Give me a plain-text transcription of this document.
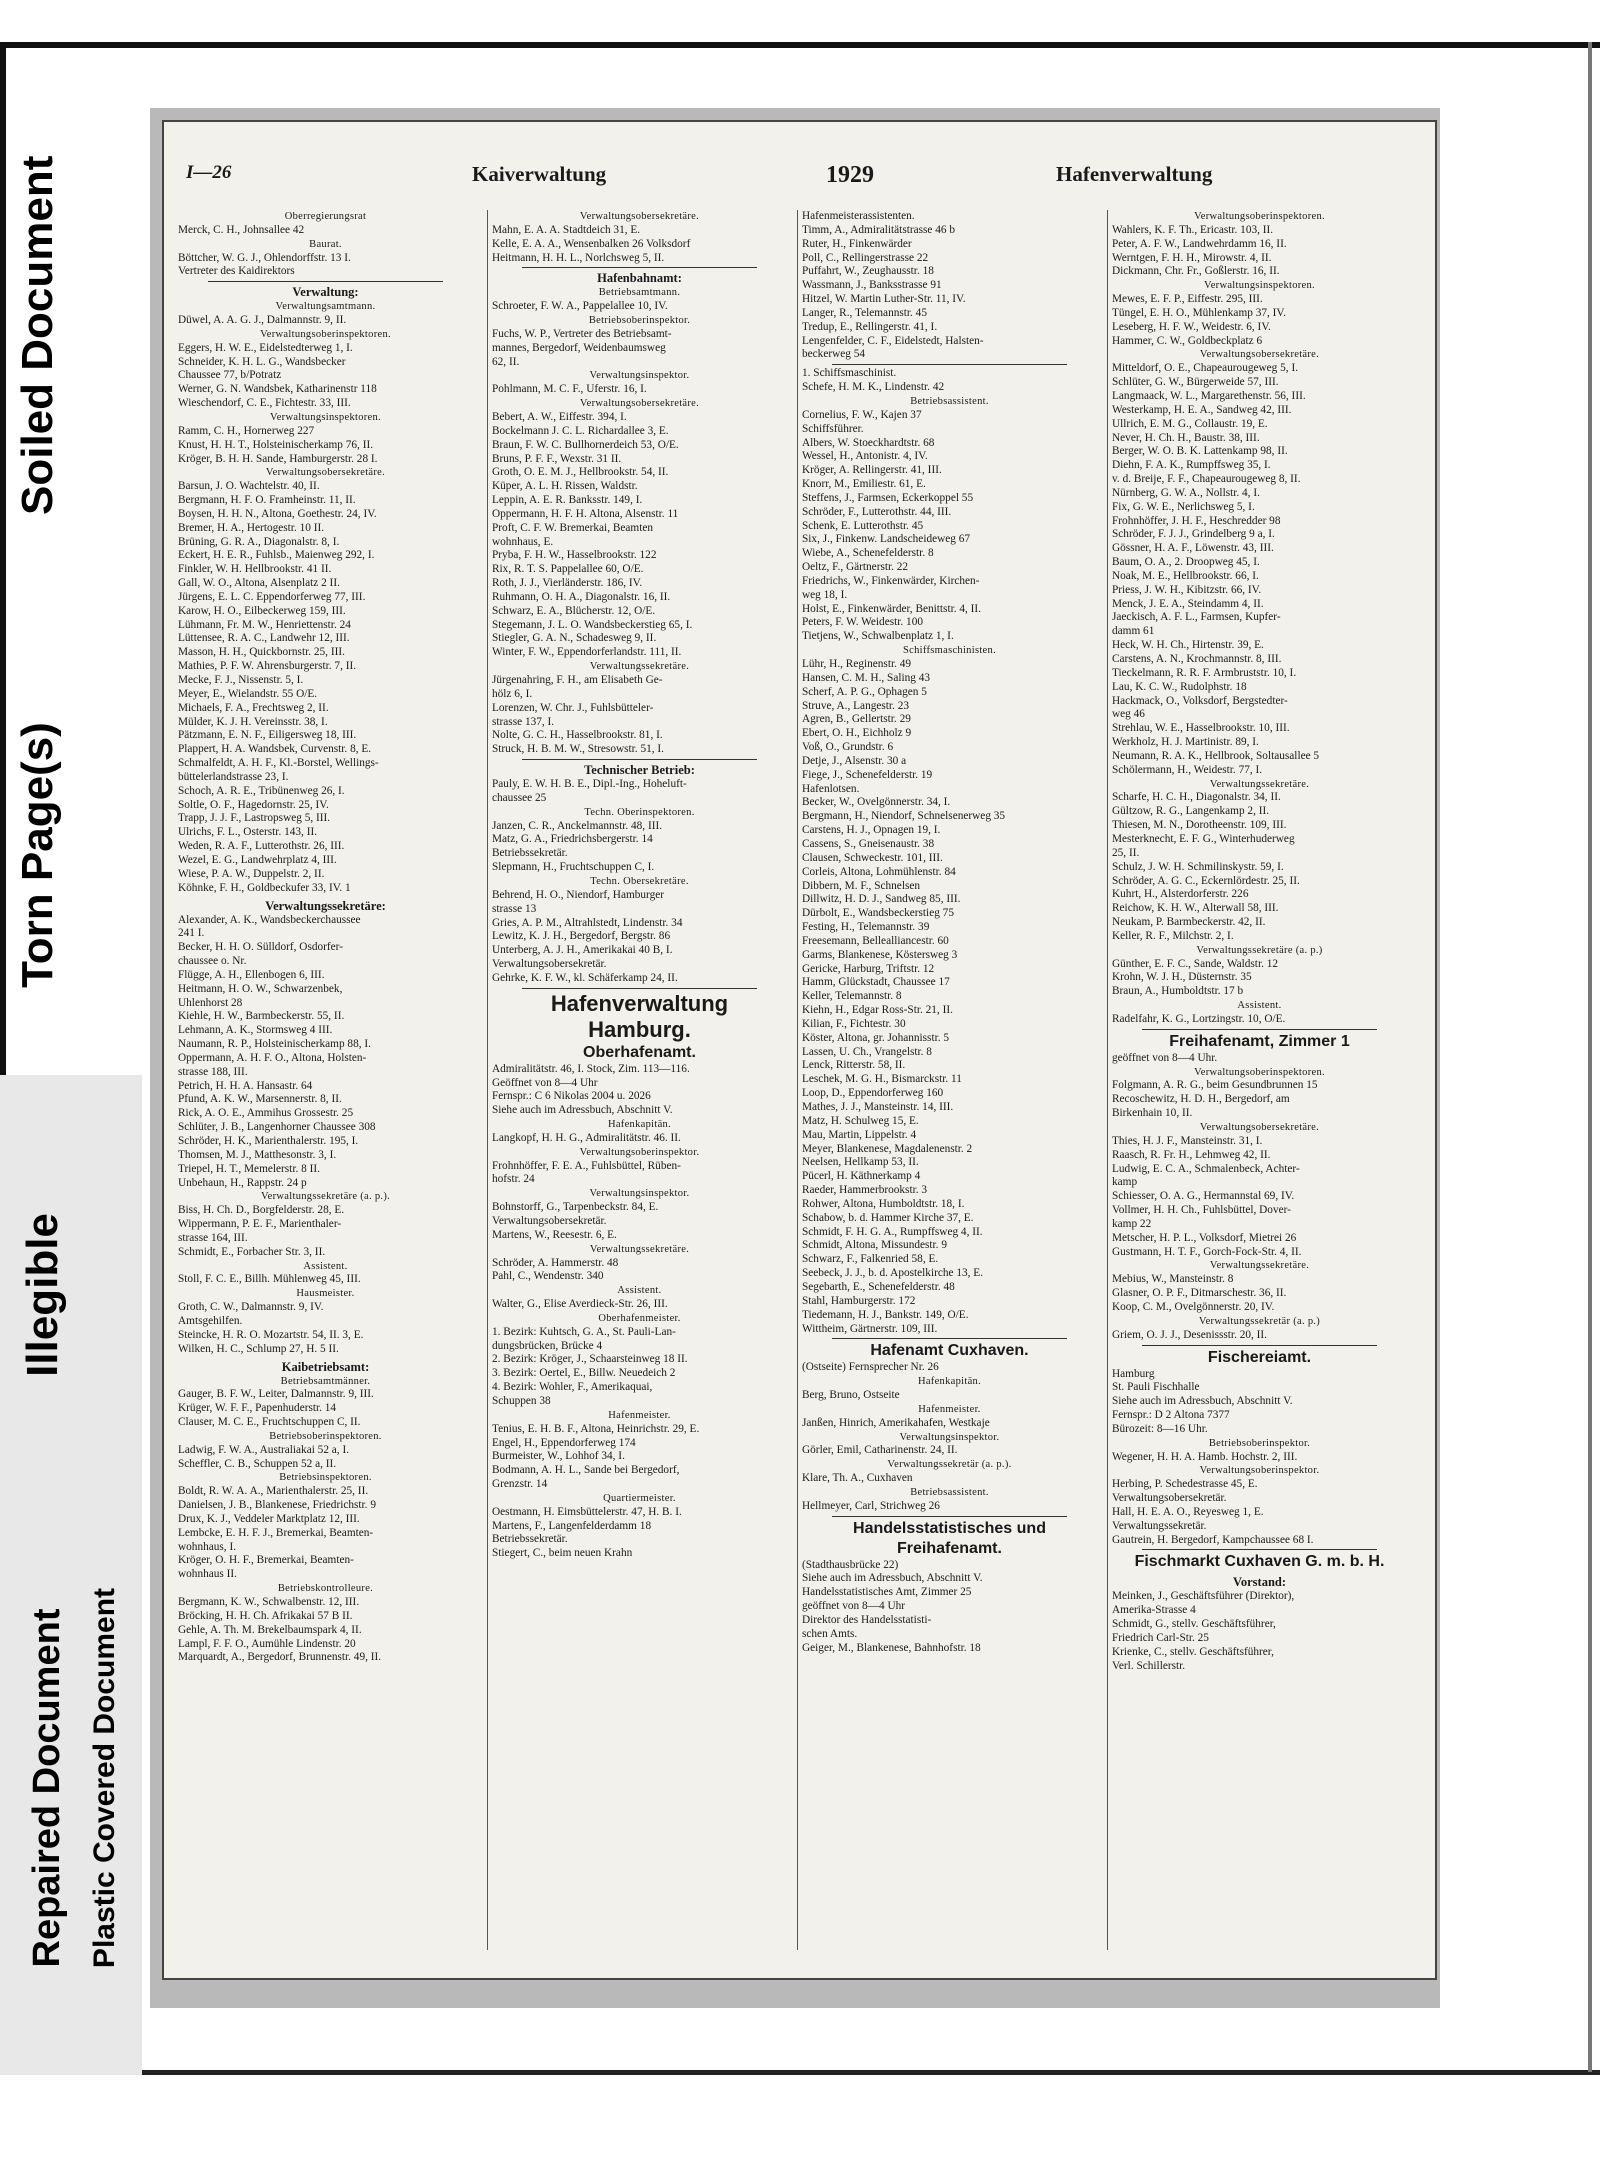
Soiled Document
Torn Page(s)
Illegible
Repaired Document Plastic Covered Document
I—26	Kaiverwaltung	1929	Hafenverwaltung
Oberregierungsrat
Merck, C. H., Johnsallee 42
Baurat.
Böttcher, W. G. J., Ohlendorffstr. 13 I.
Vertreter des Kaidirektors
Verwaltung:
Verwaltungsamtmann.
Düwel, A. A. G. J., Dalmannstr. 9, II.
Verwaltungsoberinspektoren.
Eggers, H. W. E., Eidelstedterweg 1, I.
Schneider, K. H. L. G., Wandsbecker
Chaussee 77, b/Potratz
Werner, G. N. Wandsbek, Katharinenstr 118
Wieschendorf, C. E., Fichtestr. 33, III.
Verwaltungsinspektoren.
Ramm, C. H., Hornerweg 227
Knust, H. H. T., Holsteinischerkamp 76, II.
Kröger, B. H. H. Sande, Hamburgerstr. 28 I.
Verwaltungsobersekretäre.
Barsun, J. O. Wachtelstr. 40, II.
Bergmann, H. F. O. Framheinstr. 11, II.
Boysen, H. H. N., Altona, Goethestr. 24, IV.
Bremer, H. A., Hertogestr. 10 II.
Brüning, G. R. A., Diagonalstr. 8, I.
Eckert, H. E. R., Fuhlsb., Maienweg 292, I.
Finkler, W. H. Hellbrookstr. 41 II.
Gall, W. O., Altona, Alsenplatz 2 II.
Jürgens, E. L. C. Eppendorferweg 77, III.
Karow, H. O., Eilbeckerweg 159, III.
Lühmann, Fr. M. W., Henriettenstr. 24
Lüttensee, R. A. C., Landwehr 12, III.
Masson, H. H., Quickbornstr. 25, III.
Mathies, P. F. W. Ahrensburgerstr. 7, II.
Mecke, F. J., Nissenstr. 5, I.
Meyer, E., Wielandstr. 55 O/E.
Michaels, F. A., Frechtsweg 2, II.
Mülder, K. J. H. Vereinsstr. 38, I.
Pätzmann, E. N. F., Eiligersweg 18, III.
Plappert, H. A. Wandsbek, Curvenstr. 8, E.
Schmalfeldt, A. H. F., Kl.-Borstel, Wellings-
büttelerlandstrasse 23, I.
Schoch, A. R. E., Tribünenweg 26, I.
Soltle, O. F., Hagedornstr. 25, IV.
Trapp, J. J. F., Lastropsweg 5, III.
Ulrichs, F. L., Osterstr. 143, II.
Weden, R. A. F., Lutterothstr. 26, III.
Wezel, E. G., Landwehrplatz 4, III.
Wiese, P. A. W., Duppelstr. 2, II.
Köhnke, F. H., Goldbeckufer 33, IV. 1
Verwaltungssekretäre:
Alexander, A. K., Wandsbeckerchaussee
241 I.
Becker, H. H. O. Sülldorf, Osdorfer-
chaussee o. Nr.
Flügge, A. H., Ellenbogen 6, III.
Heitmann, H. O. W., Schwarzenbek,
Uhlenhorst 28
Kiehle, H. W., Barmbeckerstr. 55, II.
Lehmann, A. K., Stormsweg 4 III.
Naumann, R. P., Holsteinischerkamp 88, I.
Oppermann, A. H. F. O., Altona, Holsten-
strasse 188, III.
Petrich, H. H. A. Hansastr. 64
Pfund, A. K. W., Marsennerstr. 8, II.
Rick, A. O. E., Ammihus Grossestr. 25
Schlüter, J. B., Langenhorner Chaussee 308
Schröder, H. K., Marienthalerstr. 195, I.
Thomsen, M. J., Matthesonstr. 3, I.
Triepel, H. T., Memelerstr. 8 II.
Unbehaun, H., Rappstr. 24 p
Verwaltungssekretäre (a. p.).
Biss, H. Ch. D., Borgfelderstr. 28, E.
Wippermann, P. E. F., Marienthaler-
strasse 164, III.
Schmidt, E., Forbacher Str. 3, II.
Assistent.
Stoll, F. C. E., Billh. Mühlenweg 45, III.
Hausmeister.
Groth, C. W., Dalmannstr. 9, IV.
Amtsgehilfen.
Steincke, H. R. O. Mozartstr. 54, II. 3, E.
Wilken, H. C., Schlump 27, H. 5 II.
Kaibetriebsamt:
Betriebsamtmänner.
Gauger, B. F. W., Leiter, Dalmannstr. 9, III.
Krüger, W. F. F., Papenhuderstr. 14
Clauser, M. C. E., Fruchtschuppen C, II.
Betriebsoberinspektoren.
Ladwig, F. W. A., Australiakai 52 a, I.
Scheffler, C. B., Schuppen 52 a, II.
Betriebsinspektoren.
Boldt, R. W. A. A., Marienthalerstr. 25, II.
Danielsen, J. B., Blankenese, Friedrichstr. 9
Drux, K. J., Veddeler Marktplatz 12, III.
Lembcke, E. H. F. J., Bremerkai, Beamten-
wohnhaus, I.
Kröger, O. H. F., Bremerkai, Beamten-
wohnhaus II.
Betriebskontrolleure.
Bergmann, K. W., Schwalbenstr. 12, III.
Bröcking, H. H. Ch. Afrikakai 57 B II.
Gehle, A. Th. M. Brekelbaumspark 4, II.
Lampl, F. F. O., Aumühle Lindenstr. 20
Marquardt, A., Bergedorf, Brunnenstr. 49, II.
Verwaltungsobersekretäre.
Mahn, E. A. A. Stadtdeich 31, E.
Kelle, E. A. A., Wensenbalken 26 Volksdorf
Heitmann, H. H. L., Norlchsweg 5, II.
Hafenbahnamt:
Betriebsamtmann.
Schroeter, F. W. A., Pappelallee 10, IV.
Betriebsoberinspektor.
Fuchs, W. P., Vertreter des Betriebsamt-
mannes, Bergedorf, Weidenbaumsweg
62, II.
Verwaltungsinspektor.
Pohlmann, M. C. F., Uferstr. 16, I.
Verwaltungsobersekretäre.
Bebert, A. W., Eiffestr. 394, I.
Bockelmann J. C. L. Richardallee 3, E.
Braun, F. W. C. Bullhornerdeich 53, O/E.
Bruns, P. F. F., Wexstr. 31 II.
Groth, O. E. M. J., Hellbrookstr. 54, II.
Küper, A. L. H. Rissen, Waldstr.
Leppin, A. E. R. Banksstr. 149, I.
Oppermann, H. F. H. Altona, Alsenstr. 11
Proft, C. F. W. Bremerkai, Beamten
wohnhaus, E.
Pryba, F. H. W., Hasselbrookstr. 122
Rix, R. T. S. Pappelallee 60, O/E.
Roth, J. J., Vierländerstr. 186, IV.
Ruhmann, O. H. A., Diagonalstr. 16, II.
Schwarz, E. A., Blücherstr. 12, O/E.
Stegemann, J. L. O. Wandsbeckerstieg 65, I.
Stiegler, G. A. N., Schadesweg 9, II.
Winter, F. W., Eppendorferlandstr. 111, II.
Verwaltungssekretäre.
Jürgenahring, F. H., am Elisabeth Ge-
hölz 6, I.
Lorenzen, W. Chr. J., Fuhlsbütteler-
strasse 137, I.
Nolte, G. C. H., Hasselbrookstr. 81, I.
Struck, H. B. M. W., Stresowstr. 51, I.
Technischer Betrieb:
Pauly, E. W. H. B. E., Dipl.-Ing., Hoheluft-
chaussee 25
Techn. Oberinspektoren.
Janzen, C. R., Anckelmannstr. 48, III.
Matz, G. A., Friedrichsbergerstr. 14
Betriebssekretär.
Slepmann, H., Fruchtschuppen C, I.
Techn. Obersekretäre.
Behrend, H. O., Niendorf, Hamburger
strasse 13
Gries, A. P. M., Altrahlstedt, Lindenstr. 34
Lewitz, K. J. H., Bergedorf, Bergstr. 86
Unterberg, A. J. H., Amerikakai 40 B, I.
Verwaltungsobersekretär.
Gehrke, K. F. W., kl. Schäferkamp 24, II.
Hafenverwaltung
Hamburg.
Oberhafenamt.
Admiralitätstr. 46, I. Stock, Zim. 113—116.
Geöffnet von 8—4 Uhr
Fernspr.: C 6 Nikolas 2004 u. 2026
Siehe auch im Adressbuch, Abschnitt V.
Hafenkapitän.
Langkopf, H. H. G., Admiralitätstr. 46. II.
Verwaltungsoberinspektor.
Frohnhöffer, F. E. A., Fuhlsbüttel, Rüben-
hofstr. 24
Verwaltungsinspektor.
Bohnstorff, G., Tarpenbeckstr. 84, E.
Verwaltungsobersekretär.
Martens, W., Reesestr. 6, E.
Verwaltungssekretäre.
Schröder, A. Hammerstr. 48
Pahl, C., Wendenstr. 340
Assistent.
Walter, G., Elise Averdieck-Str. 26, III.
Oberhafenmeister.
1. Bezirk: Kuhtsch, G. A., St. Pauli-Lan-
dungsbrücken, Brücke 4
2. Bezirk: Kröger, J., Schaarsteinweg 18 II.
3. Bezirk: Oertel, E., Billw. Neuedeich 2
4. Bezirk: Wohler, F., Amerikaquai,
Schuppen 38
Hafenmeister.
Tenius, E. H. B. F., Altona, Heinrichstr. 29, E.
Engel, H., Eppendorferweg 174
Burmeister, W., Lohhof 34, I.
Bodmann, A. H. L., Sande bei Bergedorf,
Grenzstr. 14
Quartiermeister.
Oestmann, H. Eimsbüttelerstr. 47, H. B. I.
Martens, F., Langenfelderdamm 18
Betriebssekretär.
Stiegert, C., beim neuen Krahn
Hafenmeisterassistenten.
Timm, A., Admiralitätstrasse 46 b
Ruter, H., Finkenwärder
Poll, C., Rellingerstrasse 22
Puffahrt, W., Zeughausstr. 18
Wassmann, J., Banksstrasse 91
Hitzel, W. Martin Luther-Str. 11, IV.
Langer, R., Telemannstr. 45
Tredup, E., Rellingerstr. 41, I.
Lengenfelder, C. F., Eidelstedt, Halsten-
beckerweg 54
1. Schiffsmaschinist.
Schefe, H. M. K., Lindenstr. 42
Betriebsassistent.
Cornelius, F. W., Kajen 37
Schiffsführer.
Albers, W. Stoeckhardtstr. 68
Wessel, H., Antonistr. 4, IV.
Kröger, A. Rellingerstr. 41, III.
Knorr, M., Emiliestr. 61, E.
Steffens, J., Farmsen, Eckerkoppel 55
Schröder, F., Lutterothstr. 44, III.
Schenk, E. Lutterothstr. 45
Six, J., Finkenw. Landscheideweg 67
Wiebe, A., Schenefelderstr. 8
Oeltz, F., Gärtnerstr. 22
Friedrichs, W., Finkenwärder, Kirchen-
weg 18, I.
Holst, E., Finkenwärder, Benittstr. 4, II.
Peters, F. W. Weidestr. 100
Tietjens, W., Schwalbenplatz 1, I.
Schiffsmaschinisten.
Lühr, H., Reginenstr. 49
Hansen, C. M. H., Saling 43
Scherf, A. P. G., Ophagen 5
Struve, A., Langestr. 23
Agren, B., Gellertstr. 29
Ebert, O. H., Eichholz 9
Voß, O., Grundstr. 6
Detje, J., Alsenstr. 30 a
Fiege, J., Schenefelderstr. 19
Hafenlotsen.
Becker, W., Ovelgönnerstr. 34, I.
Bergmann, H., Niendorf, Schnelsenerweg 35
Carstens, H. J., Opnagen 19, I.
Cassens, S., Gneisenaustr. 38
Clausen, Schweckestr. 101, III.
Corleis, Altona, Lohmühlenstr. 84
Dibbern, M. F., Schnelsen
Dillwitz, H. D. J., Sandweg 85, III.
Dürbolt, E., Wandsbeckerstieg 75
Festing, H., Telemannstr. 39
Freesemann, Bellealliancestr. 60
Garms, Blankenese, Köstersweg 3
Gericke, Harburg, Triftstr. 12
Hamm, Glückstadt, Chaussee 17
Keller, Telemannstr. 8
Kiehn, H., Edgar Ross-Str. 21, II.
Kilian, F., Fichtestr. 30
Köster, Altona, gr. Johannisstr. 5
Lassen, U. Ch., Vrangelstr. 8
Lenck, Ritterstr. 58, II.
Leschek, M. G. H., Bismarckstr. 11
Loop, D., Eppendorferweg 160
Mathes, J. J., Mansteinstr. 14, III.
Matz, H. Schulweg 15, E.
Mau, Martin, Lippelstr. 4
Meyer, Blankenese, Magdalenenstr. 2
Neelsen, Hellkamp 53, II.
Pücerl, H. Käthnerkamp 4
Raeder, Hammerbrookstr. 3
Rohwer, Altona, Humboldtstr. 18, I.
Schabow, b. d. Hammer Kirche 37, E.
Schmidt, F. H. G. A., Rumpffsweg 4, II.
Schmidt, Altona, Missundestr. 9
Schwarz, F., Falkenried 58, E.
Seebeck, J. J., b. d. Apostelkirche 13, E.
Segebarth, E., Schenefelderstr. 48
Stahl, Hamburgerstr. 172
Tiedemann, H. J., Bankstr. 149, O/E.
Wittheim, Gärtnerstr. 109, III.
Hafenamt Cuxhaven.
(Ostseite) Fernsprecher Nr. 26
Hafenkapitän.
Berg, Bruno, Ostseite
Hafenmeister.
Janßen, Hinrich, Amerikahafen, Westkaje
Verwaltungsinspektor.
Görler, Emil, Catharinenstr. 24, II.
Verwaltungssekretär (a. p.).
Klare, Th. A., Cuxhaven
Betriebsassistent.
Hellmeyer, Carl, Strichweg 26
Handelsstatistisches und
Freihafenamt.
(Stadthausbrücke 22)
Siehe auch im Adressbuch, Abschnitt V.
Handelsstatistisches Amt, Zimmer 25
geöffnet von 8—4 Uhr
Direktor des Handelsstatisti-
schen Amts.
Geiger, M., Blankenese, Bahnhofstr. 18
Verwaltungsoberinspektoren.
Wahlers, K. F. Th., Ericastr. 103, II.
Peter, A. F. W., Landwehrdamm 16, II.
Werntgen, F. H. H., Mirowstr. 4, II.
Dickmann, Chr. Fr., Goßlerstr. 16, II.
Verwaltungsinspektoren.
Mewes, E. F. P., Eiffestr. 295, III.
Tüngel, E. H. O., Mühlenkamp 37, IV.
Leseberg, H. F. W., Weidestr. 6, IV.
Hammer, C. W., Goldbeckplatz 6
Verwaltungsobersekretäre.
Mitteldorf, O. E., Chapeaurougeweg 5, I.
Schlüter, G. W., Bürgerweide 57, III.
Langmaack, W. L., Margarethenstr. 56, III.
Westerkamp, H. E. A., Sandweg 42, III.
Ullrich, E. M. G., Collaustr. 19, E.
Never, H. Ch. H., Baustr. 38, III.
Berger, W. O. B. K. Lattenkamp 98, II.
Diehn, F. A. K., Rumpffsweg 35, I.
v. d. Breije, F. F., Chapeaurougeweg 8, II.
Nürnberg, G. W. A., Nollstr. 4, I.
Fix, G. W. E., Nerlichsweg 5, I.
Frohnhöffer, J. H. F., Heschredder 98
Schröder, F. J. J., Grindelberg 9 a, I.
Gössner, H. A. F., Löwenstr. 43, III.
Baum, O. A., 2. Droopweg 45, I.
Noak, M. E., Hellbrookstr. 66, I.
Priess, J. W. H., Kibitzstr. 66, IV.
Menck, J. E. A., Steindamm 4, II.
Jaeckisch, A. F. L., Farmsen, Kupfer-
damm 61
Heck, W. H. Ch., Hirtenstr. 39, E.
Carstens, A. N., Krochmannstr. 8, III.
Tieckelmann, R. R. F. Armbruststr. 10, I.
Lau, K. C. W., Rudolphstr. 18
Hackmack, O., Volksdorf, Bergstedter-
weg 46
Strehlau, W. E., Hasselbrookstr. 10, III.
Werkholz, H. J. Martinistr. 89, I.
Neumann, R. A. K., Hellbrook, Soltausallee 5
Schölermann, H., Weidestr. 77, I.
Verwaltungssekretäre.
Scharfe, H. C. H., Diagonalstr. 34, II.
Gültzow, R. G., Langenkamp 2, II.
Thiesen, M. N., Dorotheenstr. 109, III.
Mesterknecht, E. F. G., Winterhuderweg
25, II.
Schulz, J. W. H. Schmilinskystr. 59, I.
Schröder, A. G. C., Eckernlördestr. 25, II.
Kuhrt, H., Alsterdorferstr. 226
Reichow, K. H. W., Alterwall 58, III.
Neukam, P. Barmbeckerstr. 42, II.
Keller, R. F., Milchstr. 2, I.
Verwaltungssekretäre (a. p.)
Günther, E. F. C., Sande, Waldstr. 12
Krohn, W. J. H., Düsternstr. 35
Braun, A., Humboldtstr. 17 b
Assistent.
Radelfahr, K. G., Lortzingstr. 10, O/E.
Freihafenamt, Zimmer 1
geöffnet von 8—4 Uhr.
Verwaltungsoberinspektoren.
Folgmann, A. R. G., beim Gesundbrunnen 15
Recoschewitz, H. D. H., Bergedorf, am
Birkenhain 10, II.
Verwaltungsobersekretäre.
Thies, H. J. F., Mansteinstr. 31, I.
Raasch, R. Fr. H., Lehmweg 42, II.
Ludwig, E. C. A., Schmalenbeck, Achter-
kamp
Schiesser, O. A. G., Hermannstal 69, IV.
Vollmer, H. H. Ch., Fuhlsbüttel, Dover-
kamp 22
Metscher, H. P. L., Volksdorf, Mietrei 26
Gustmann, H. T. F., Gorch-Fock-Str. 4, II.
Verwaltungssekretäre.
Mebius, W., Mansteinstr. 8
Glasner, O. P. F., Ditmarschestr. 36, II.
Koop, C. M., Ovelgönnerstr. 20, IV.
Verwaltungssekretär (a. p.)
Griem, O. J. J., Desenissstr. 20, II.
Fischereiamt.
Hamburg
St. Pauli Fischhalle
Siehe auch im Adressbuch, Abschnitt V.
Fernspr.: D 2 Altona 7377
Bürozeit: 8—16 Uhr.
Betriebsoberinspektor.
Wegener, H. H. A. Hamb. Hochstr. 2, III.
Verwaltungsoberinspektor.
Herbing, P. Schedestrasse 45, E.
Verwaltungsobersekretär.
Hall, H. E. A. O., Reyesweg 1, E.
Verwaltungssekretär.
Gautrein, H. Bergedorf, Kampchaussee 68 I.
Fischmarkt Cuxhaven G. m. b. H.
Vorstand:
Meinken, J., Geschäftsführer (Direktor),
Amerika-Strasse 4
Schmidt, G., stellv. Geschäftsführer,
Friedrich Carl-Str. 25
Krienke, C., stellv. Geschäftsführer,
Verl. Schillerstr.
